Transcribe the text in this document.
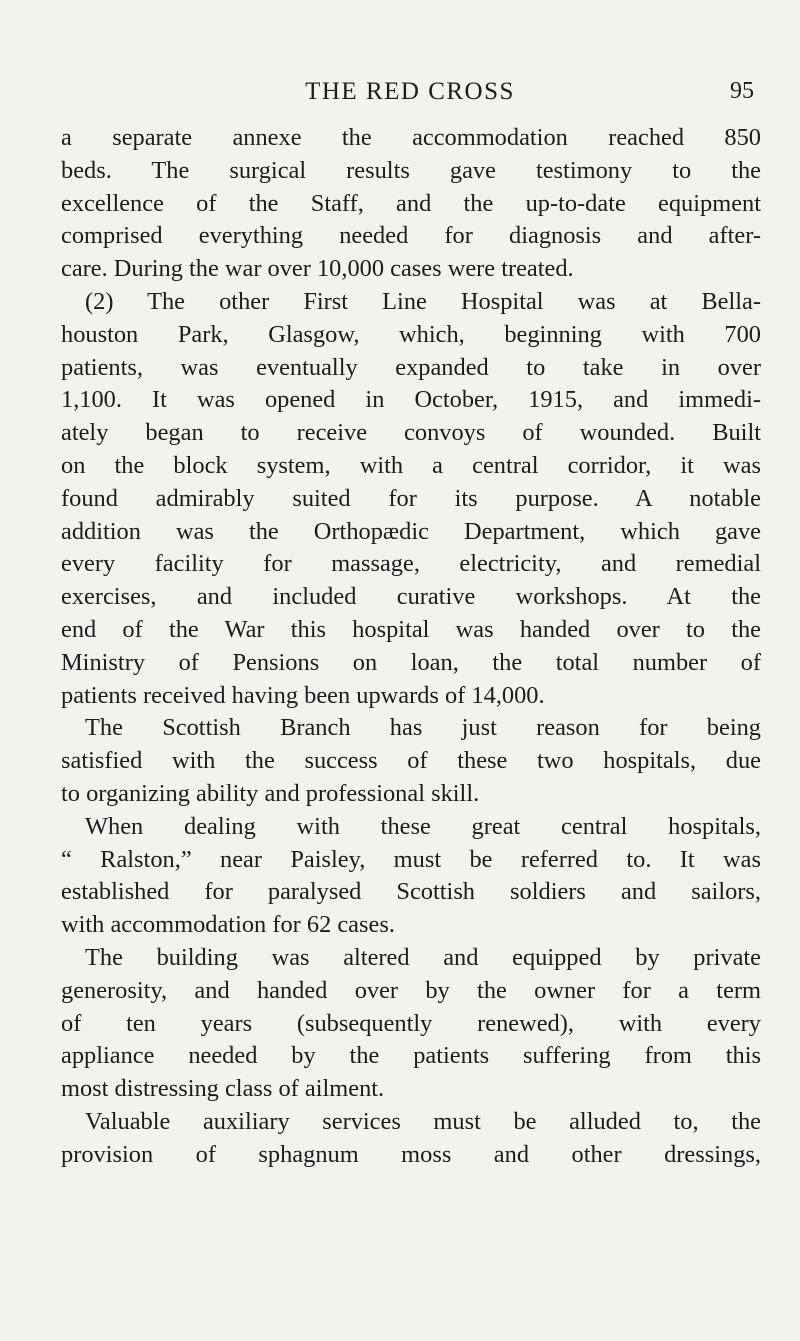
THE RED CROSS	95
a separate annexe the accommodation reached 850
beds. The surgical results gave testimony to the
excellence of the Staff, and the up-to-date equipment
comprised everything needed for diagnosis and after-
care. During the war over 10,000 cases were treated.
(2) The other First Line Hospital was at Bella-
houston Park, Glasgow, which, beginning with 700
patients, was eventually expanded to take in over
1,100. It was opened in October, 1915, and immedi-
ately began to receive convoys of wounded. Built
on the block system, with a central corridor, it was
found admirably suited for its purpose. A notable
addition was the Orthopædic Department, which gave
every facility for massage, electricity, and remedial
exercises, and included curative workshops. At the
end of the War this hospital was handed over to the
Ministry of Pensions on loan, the total number of
patients received having been upwards of 14,000.
The Scottish Branch has just reason for being
satisfied with the success of these two hospitals, due
to organizing ability and professional skill.
When dealing with these great central hospitals,
“ Ralston,” near Paisley, must be referred to. It was
established for paralysed Scottish soldiers and sailors,
with accommodation for 62 cases.
The building was altered and equipped by private
generosity, and handed over by the owner for a term
of ten years (subsequently renewed), with every
appliance needed by the patients suffering from this
most distressing class of ailment.
Valuable auxiliary services must be alluded to, the
provision of sphagnum moss and other dressings,
